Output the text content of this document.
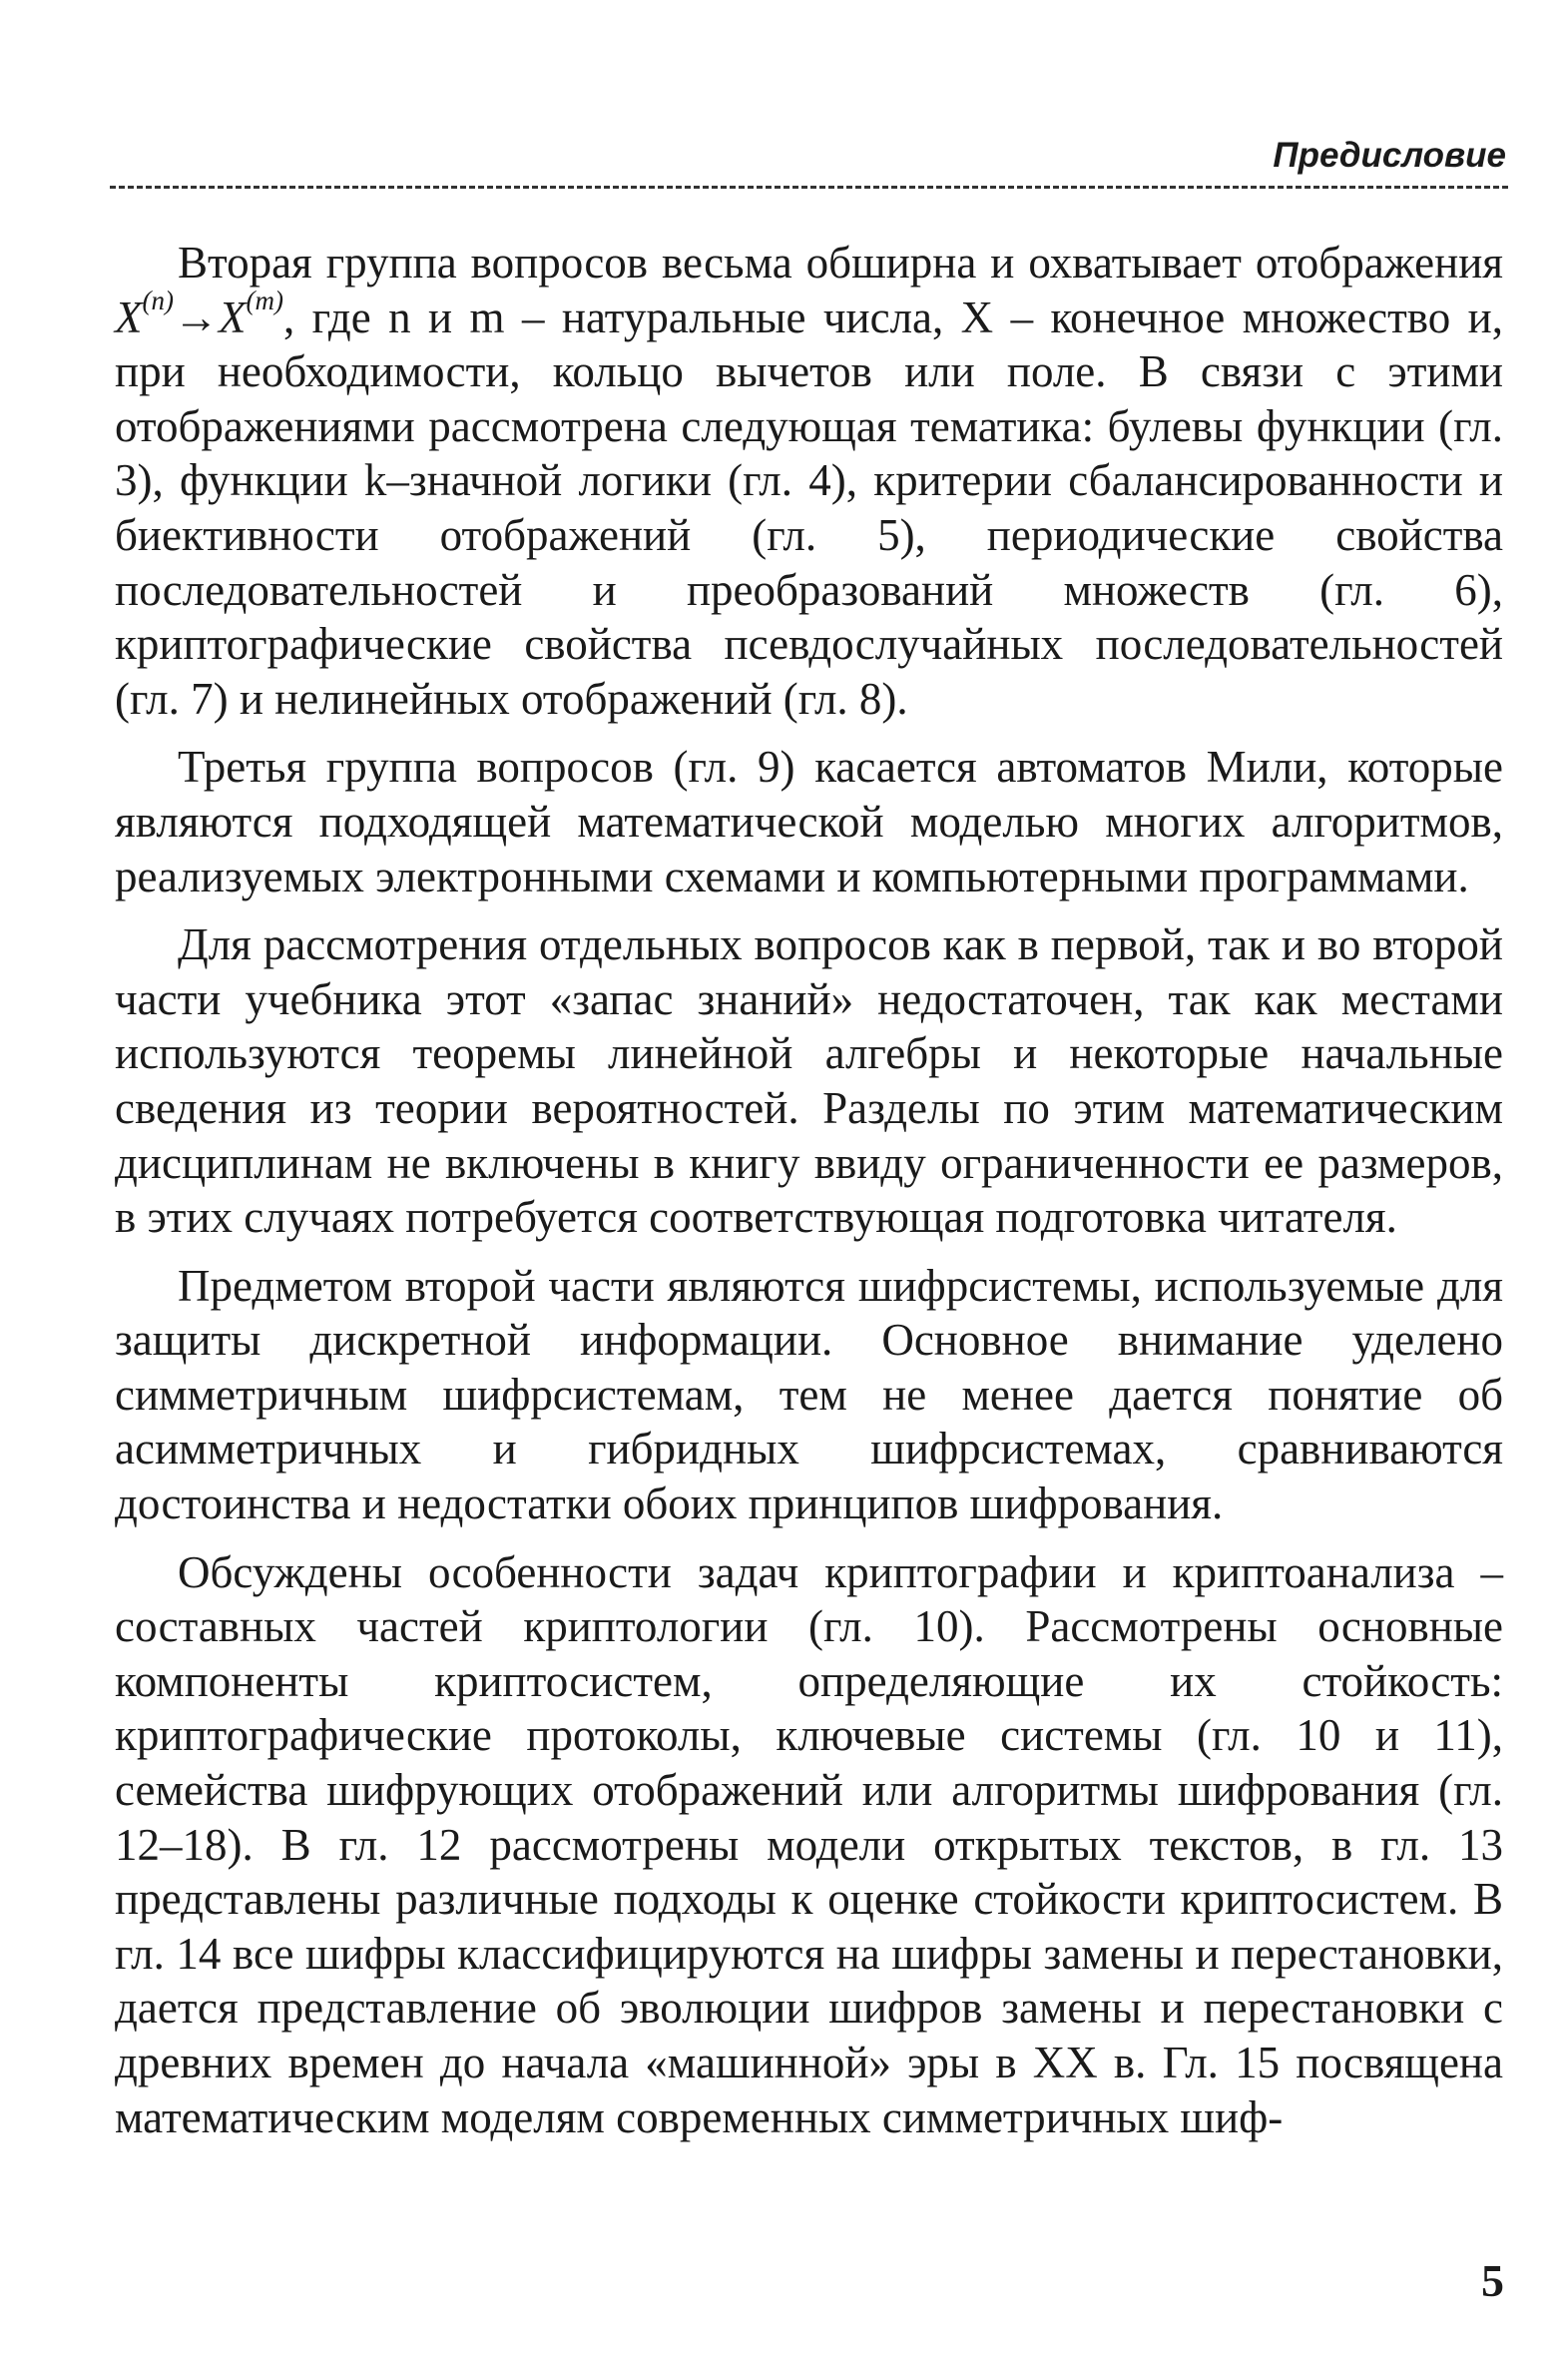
Предисловие

Вторая группа вопросов весьма обширна и охватывает отображения $X^{(n)}\to X^{(m)}$, где n и m – натуральные числа, X – конечное множество и, при необходимости, кольцо вычетов или поле. В связи с этими отображениями рассмотрена следующая тематика: булевы функции (гл. 3), функции k–значной логики (гл. 4), критерии сбалансированности и биективности отображений (гл. 5), периодические свойства последовательностей и преобразований множеств (гл. 6), криптографические свойства псевдослучайных последовательностей (гл. 7) и нелинейных отображений (гл. 8).

Третья группа вопросов (гл. 9) касается автоматов Мили, которые являются подходящей математической моделью многих алгоритмов, реализуемых электронными схемами и компьютерными программами.

Для рассмотрения отдельных вопросов как в первой, так и во второй части учебника этот «запас знаний» недостаточен, так как местами используются теоремы линейной алгебры и некоторые начальные сведения из теории вероятностей. Разделы по этим математическим дисциплинам не включены в книгу ввиду ограниченности ее размеров, в этих случаях потребуется соответствующая подготовка читателя.

Предметом второй части являются шифрсистемы, используемые для защиты дискретной информации. Основное внимание уделено симметричным шифрсистемам, тем не менее дается понятие об асимметричных и гибридных шифрсистемах, сравниваются достоинства и недостатки обоих принципов шифрования.

Обсуждены особенности задач криптографии и криптоанализа – составных частей криптологии (гл. 10). Рассмотрены основные компоненты криптосистем, определяющие их стойкость: криптографические протоколы, ключевые системы (гл. 10 и 11), семейства шифрующих отображений или алгоритмы шифрования (гл. 12–18). В гл. 12 рассмотрены модели открытых текстов, в гл. 13 представлены различные подходы к оценке стойкости криптосистем. В гл. 14 все шифры классифицируются на шифры замены и перестановки, дается представление об эволюции шифров замены и перестановки с древних времен до начала «машинной» эры в XX в. Гл. 15 посвящена математическим моделям современных симметричных шиф-

5
